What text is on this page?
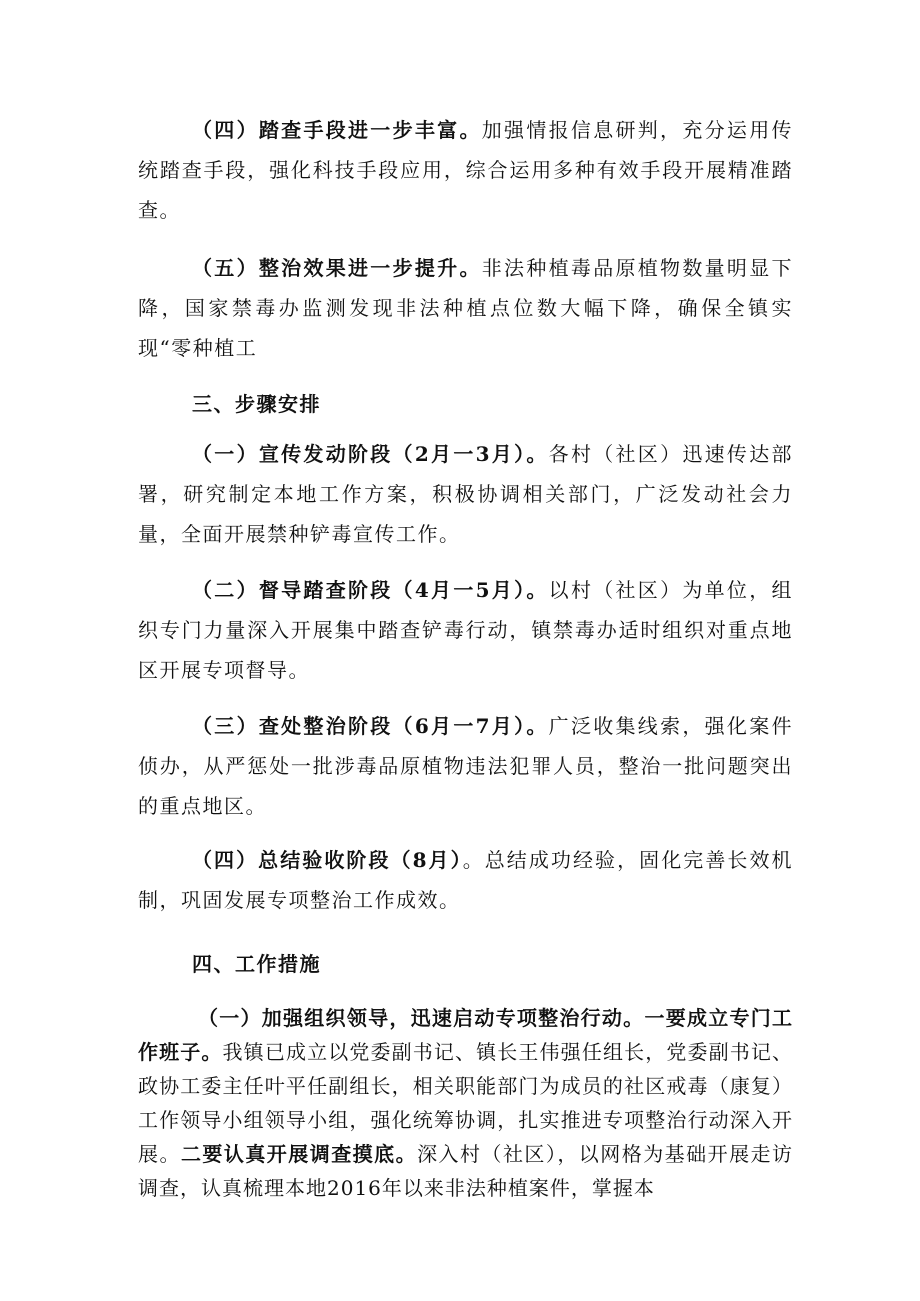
（四）踏查手段进一步丰富。加强情报信息研判，充分运用传统踏查手段，强化科技手段应用，综合运用多种有效手段开展精准踏查。

（五）整治效果进一步提升。非法种植毒品原植物数量明显下降，国家禁毒办监测发现非法种植点位数大幅下降，确保全镇实现“零种植工

三、步骤安排

（一）宣传发动阶段（2月一3月）。各村（社区）迅速传达部署，研究制定本地工作方案，积极协调相关部门，广泛发动社会力量，全面开展禁种铲毒宣传工作。

（二）督导踏查阶段（4月一5月）。以村（社区）为单位，组织专门力量深入开展集中踏查铲毒行动，镇禁毒办适时组织对重点地区开展专项督导。

（三）查处整治阶段（6月一7月）。广泛收集线索，强化案件侦办，从严惩处一批涉毒品原植物违法犯罪人员，整治一批问题突出的重点地区。

（四）总结验收阶段（8月）。总结成功经验，固化完善长效机制，巩固发展专项整治工作成效。

四、工作措施

（一）加强组织领导，迅速启动专项整治行动。一要成立专门工作班子。我镇已成立以党委副书记、镇长王伟强任组长，党委副书记、政协工委主任叶平任副组长，相关职能部门为成员的社区戒毒（康复）工作领导小组领导小组，强化统筹协调，扎实推进专项整治行动深入开展。二要认真开展调查摸底。深入村（社区），以网格为基础开展走访调查，认真梳理本地2016年以来非法种植案件，掌握本
